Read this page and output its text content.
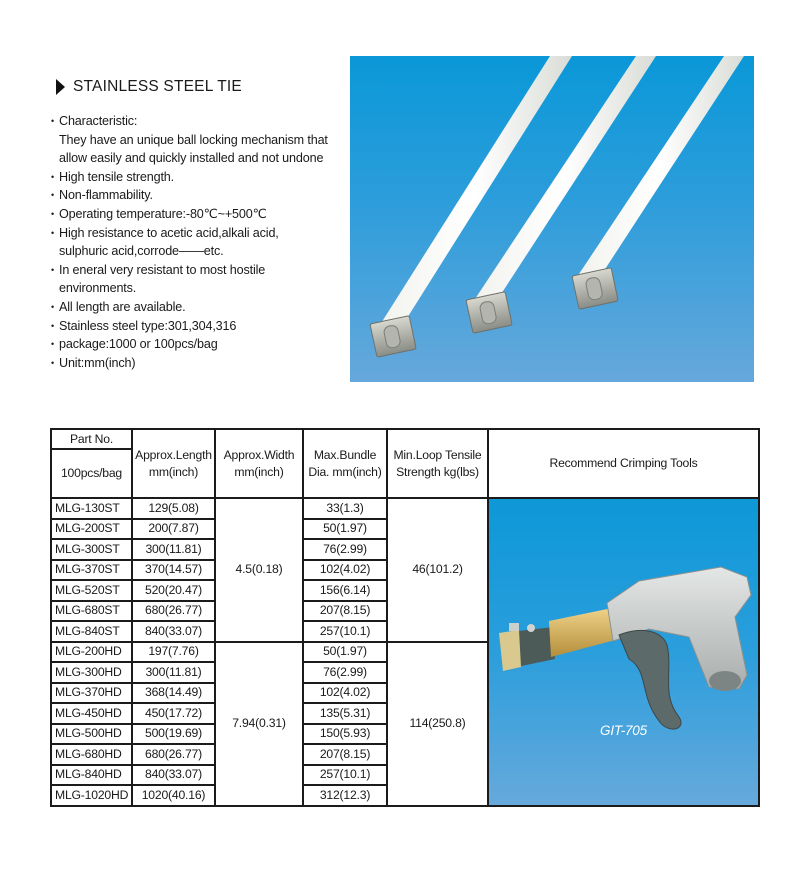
STAINLESS STEEL TIE
• Characteristic:
They have an unique ball locking mechanism that allow easily and quickly installed and not undone
• High tensile strength.
• Non-flammability.
• Operating temperature:-80℃~+500℃
• High resistance to acetic acid,alkali acid,
sulphuric acid,corrode——etc.
• In eneral very resistant to most hostile
environments.
• All length are available.
• Stainless steel type:301,304,316
• package:1000 or 100pcs/bag
• Unit:mm(inch)
Part No.	Approx.Length mm(inch)	Approx.Width mm(inch)	Max.Bundle Dia. mm(inch)	Min.Loop Tensile Strength kg(lbs)	Recommend Crimping Tools
100pcs/bag					
MLG-130ST	129(5.08)	4.5(0.18)	33(1.3)	46(101.2)	GIT-705

MLG-200ST	200(7.87)		50(1.97)		
MLG-300ST	300(11.81)		76(2.99)		
MLG-370ST	370(14.57)		102(4.02)		
MLG-520ST	520(20.47)		156(6.14)		
MLG-680ST	680(26.77)		207(8.15)		
MLG-840ST	840(33.07)		257(10.1)		
MLG-200HD	197(7.76)	7.94(0.31)	50(1.97)	114(250.8)	
MLG-300HD	300(11.81)		76(2.99)		
MLG-370HD	368(14.49)		102(4.02)		
MLG-450HD	450(17.72)		135(5.31)		
MLG-500HD	500(19.69)		150(5.93)		
MLG-680HD	680(26.77)		207(8.15)		
MLG-840HD	840(33.07)		257(10.1)		
MLG-1020HD	1020(40.16)		312(12.3)		
